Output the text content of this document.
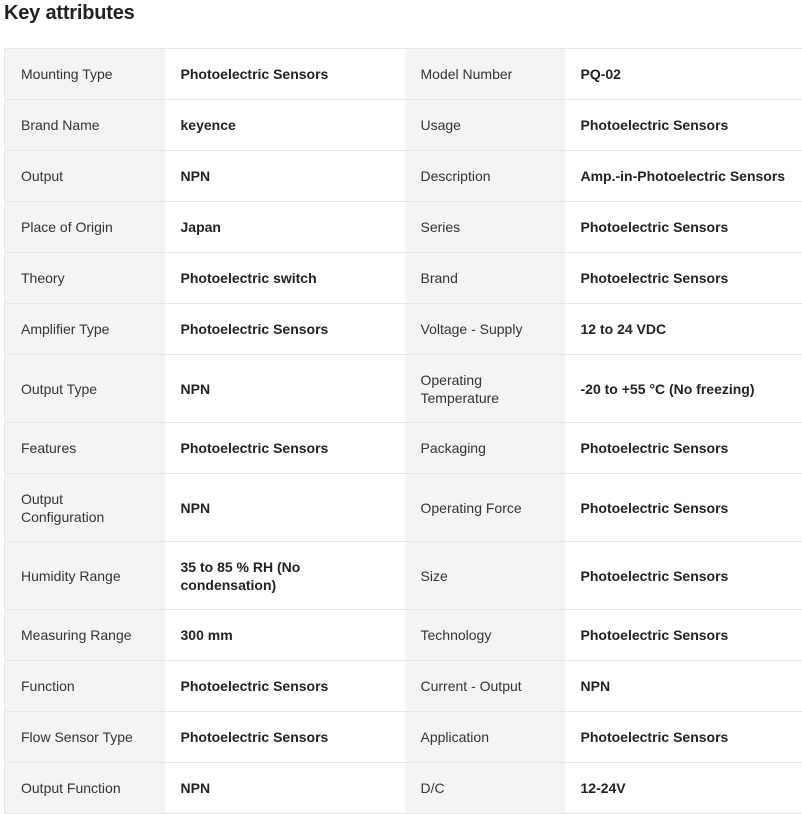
Key attributes
Mounting Type	Photoelectric Sensors	Model Number	PQ-02
Brand Name	keyence	Usage	Photoelectric Sensors
Output	NPN	Description	Amp.-in-Photoelectric Sensors
Place of Origin	Japan	Series	Photoelectric Sensors
Theory	Photoelectric switch	Brand	Photoelectric Sensors
Amplifier Type	Photoelectric Sensors	Voltage - Supply	12 to 24 VDC
Output Type	NPN	Operating Temperature	-20 to +55 °C (No freezing)
Features	Photoelectric Sensors	Packaging	Photoelectric Sensors
Output Configuration	NPN	Operating Force	Photoelectric Sensors
Humidity Range	35 to 85 % RH (No condensation)	Size	Photoelectric Sensors
Measuring Range	300 mm	Technology	Photoelectric Sensors
Function	Photoelectric Sensors	Current - Output	NPN
Flow Sensor Type	Photoelectric Sensors	Application	Photoelectric Sensors
Output Function	NPN	D/C	12-24V
